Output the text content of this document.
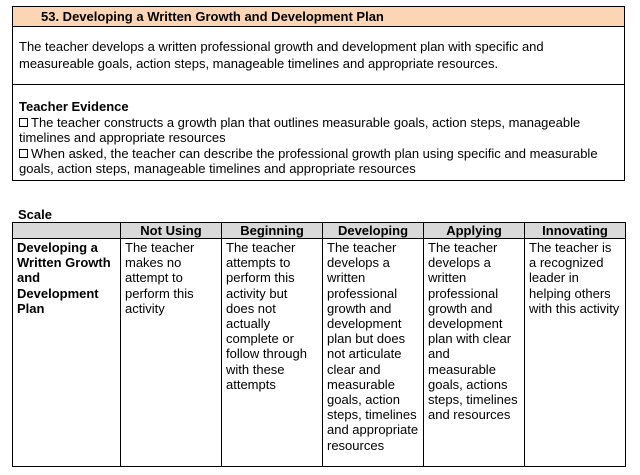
53. Developing a Written Growth and Development Plan
The teacher develops a written professional growth and development plan with specific and measureable goals, action steps, manageable timelines and appropriate resources.
Teacher Evidence
The teacher constructs a growth plan that outlines measurable goals, action steps, manageable timelines and appropriate resources
When asked, the teacher can describe the professional growth plan using specific and measurable goals, action steps, manageable timelines and appropriate resources
Scale
	Not Using	Beginning	Developing	Applying	Innovating
Developing a Written Growth and Development Plan	The teacher makes no attempt to perform this activity	The teacher attempts to perform this activity but does not actually complete or follow through with these attempts	The teacher develops a written professional growth and development plan but does not articulate clear and measurable goals, action steps, timelines and appropriate resources	The teacher develops a written professional growth and development plan with clear and measurable goals, actions steps, timelines and resources	The teacher is a recognized leader in helping others with this activity
